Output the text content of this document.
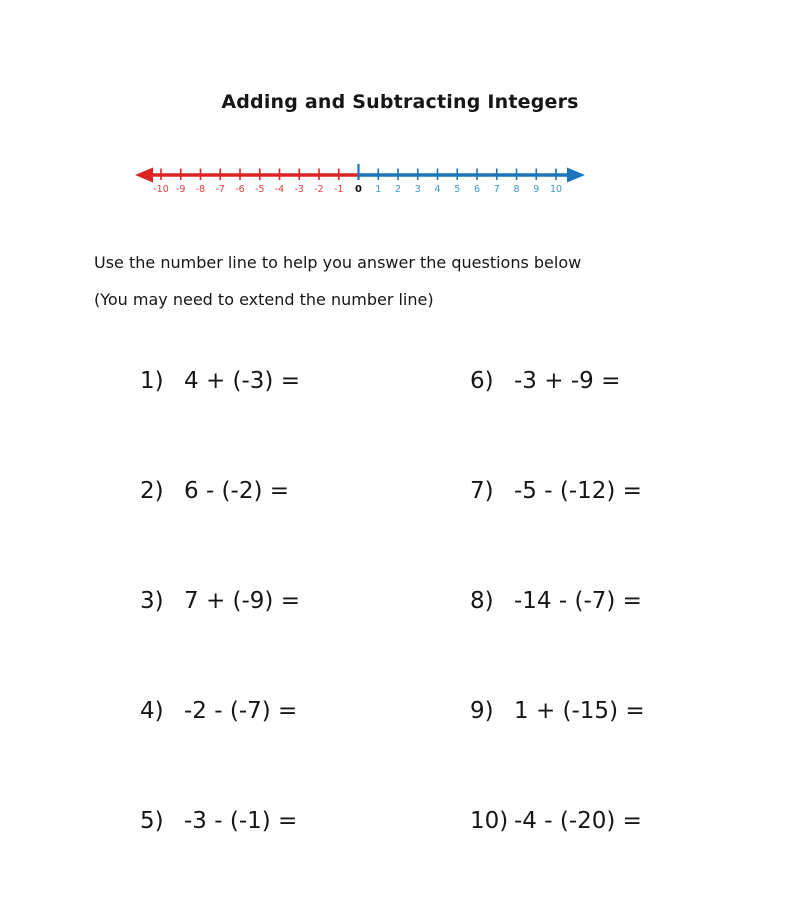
Adding and Subtracting Integers
-10 -9 -8 -7 -6 -5 -4 -3 -2 -1 0 1 2 3 4 5 6 7 8 9 10
Use the number line to help you answer the questions below
(You may need to extend the number line)
1) 4 + (-3) =	6) -3 + -9 =
2) 6 - (-2) =	7) -5 - (-12) =
3) 7 + (-9) =	8) -14 - (-7) =
4) -2 - (-7) =	9) 1 + (-15) =
5) -3 - (-1) =	10) -4 - (-20) =
